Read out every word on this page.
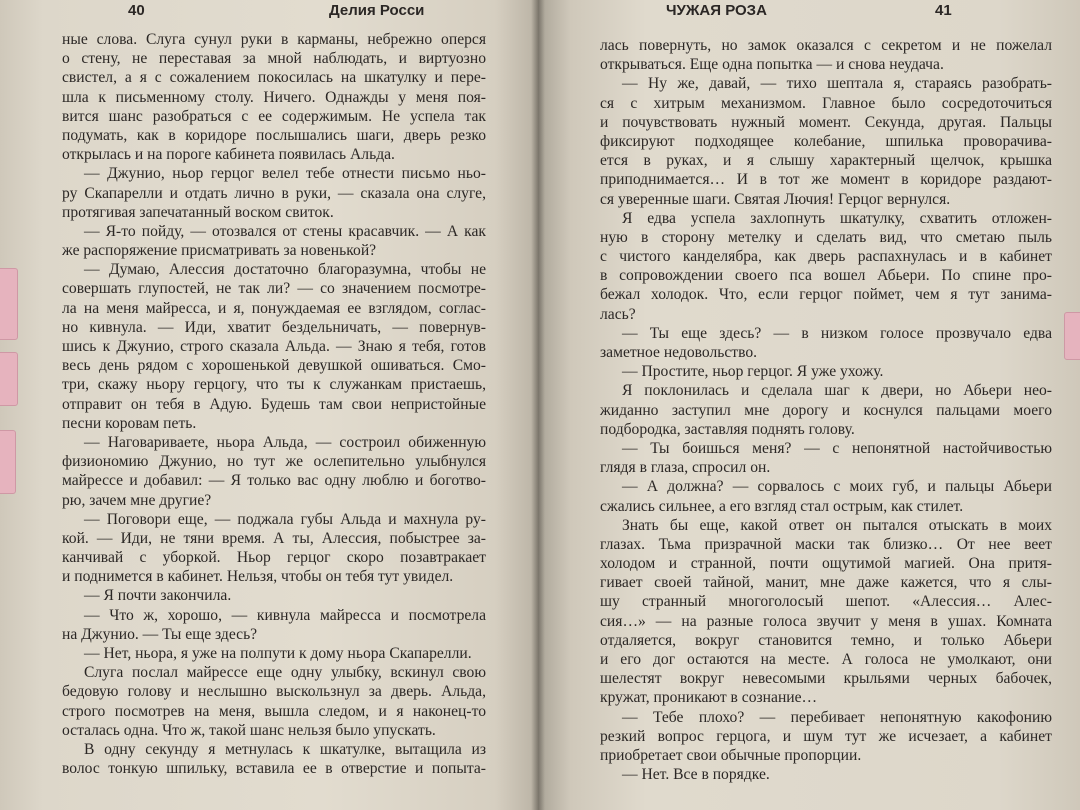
40	Делия Росси
ные слова. Слуга сунул руки в карманы, небрежно оперся
о стену, не переставая за мной наблюдать, и виртуозно
свистел, а я с сожалением покосилась на шкатулку и пере-
шла к письменному столу. Ничего. Однажды у меня поя-
вится шанс разобраться с ее содержимым. Не успела так
подумать, как в коридоре послышались шаги, дверь резко
открылась и на пороге кабинета появилась Альда.
— Джунио, ньор герцог велел тебе отнести письмо ньо-
ру Скапарелли и отдать лично в руки, — сказала она слуге,
протягивая запечатанный воском свиток.
— Я-то пойду, — отозвался от стены красавчик. — А как
же распоряжение присматривать за новенькой?
— Думаю, Алессия достаточно благоразумна, чтобы не
совершать глупостей, не так ли? — со значением посмотре-
ла на меня майресса, и я, понуждаемая ее взглядом, соглас-
но кивнула. — Иди, хватит бездельничать, — повернув-
шись к Джунио, строго сказала Альда. — Знаю я тебя, готов
весь день рядом с хорошенькой девушкой ошиваться. Смо-
три, скажу ньору герцогу, что ты к служанкам пристаешь,
отправит он тебя в Адую. Будешь там свои непристойные
песни коровам петь.
— Наговариваете, ньора Альда, — состроил обиженную
физиономию Джунио, но тут же ослепительно улыбнулся
майрессе и добавил: — Я только вас одну люблю и боготво-
рю, зачем мне другие?
— Поговори еще, — поджала губы Альда и махнула ру-
кой. — Иди, не тяни время. А ты, Алессия, побыстрее за-
канчивай с уборкой. Ньор герцог скоро позавтракает
и поднимется в кабинет. Нельзя, чтобы он тебя тут увидел.
— Я почти закончила.
— Что ж, хорошо, — кивнула майресса и посмотрела
на Джунио. — Ты еще здесь?
— Нет, ньора, я уже на полпути к дому ньора Скапарелли.
Слуга послал майрессе еще одну улыбку, вскинул свою
бедовую голову и неслышно выскользнул за дверь. Альда,
строго посмотрев на меня, вышла следом, и я наконец-то
осталась одна. Что ж, такой шанс нельзя было упускать.
В одну секунду я метнулась к шкатулке, вытащила из
волос тонкую шпильку, вставила ее в отверстие и попыта-
ЧУЖАЯ РОЗА	41
лась повернуть, но замок оказался с секретом и не пожелал
открываться. Еще одна попытка — и снова неудача.
— Ну же, давай, — тихо шептала я, стараясь разобрать-
ся с хитрым механизмом. Главное было сосредоточиться
и почувствовать нужный момент. Секунда, другая. Пальцы
фиксируют подходящее колебание, шпилька проворачива-
ется в руках, и я слышу характерный щелчок, крышка
приподнимается… И в тот же момент в коридоре раздают-
ся уверенные шаги. Святая Лючия! Герцог вернулся.
Я едва успела захлопнуть шкатулку, схватить отложен-
ную в сторону метелку и сделать вид, что сметаю пыль
с чистого канделябра, как дверь распахнулась и в кабинет
в сопровождении своего пса вошел Абьери. По спине про-
бежал холодок. Что, если герцог поймет, чем я тут занима-
лась?
— Ты еще здесь? — в низком голосе прозвучало едва
заметное недовольство.
— Простите, ньор герцог. Я уже ухожу.
Я поклонилась и сделала шаг к двери, но Абьери нео-
жиданно заступил мне дорогу и коснулся пальцами моего
подбородка, заставляя поднять голову.
— Ты боишься меня? — с непонятной настойчивостью
глядя в глаза, спросил он.
— А должна? — сорвалось с моих губ, и пальцы Абьери
сжались сильнее, а его взгляд стал острым, как стилет.
Знать бы еще, какой ответ он пытался отыскать в моих
глазах. Тьма призрачной маски так близко… От нее веет
холодом и странной, почти ощутимой магией. Она притя-
гивает своей тайной, манит, мне даже кажется, что я слы-
шу странный многоголосый шепот. «Алессия… Алес-
сия…» — на разные голоса звучит у меня в ушах. Комната
отдаляется, вокруг становится темно, и только Абьери
и его дог остаются на месте. А голоса не умолкают, они
шелестят вокруг невесомыми крыльями черных бабочек,
кружат, проникают в сознание…
— Тебе плохо? — перебивает непонятную какофонию
резкий вопрос герцога, и шум тут же исчезает, а кабинет
приобретает свои обычные пропорции.
— Нет. Все в порядке.
